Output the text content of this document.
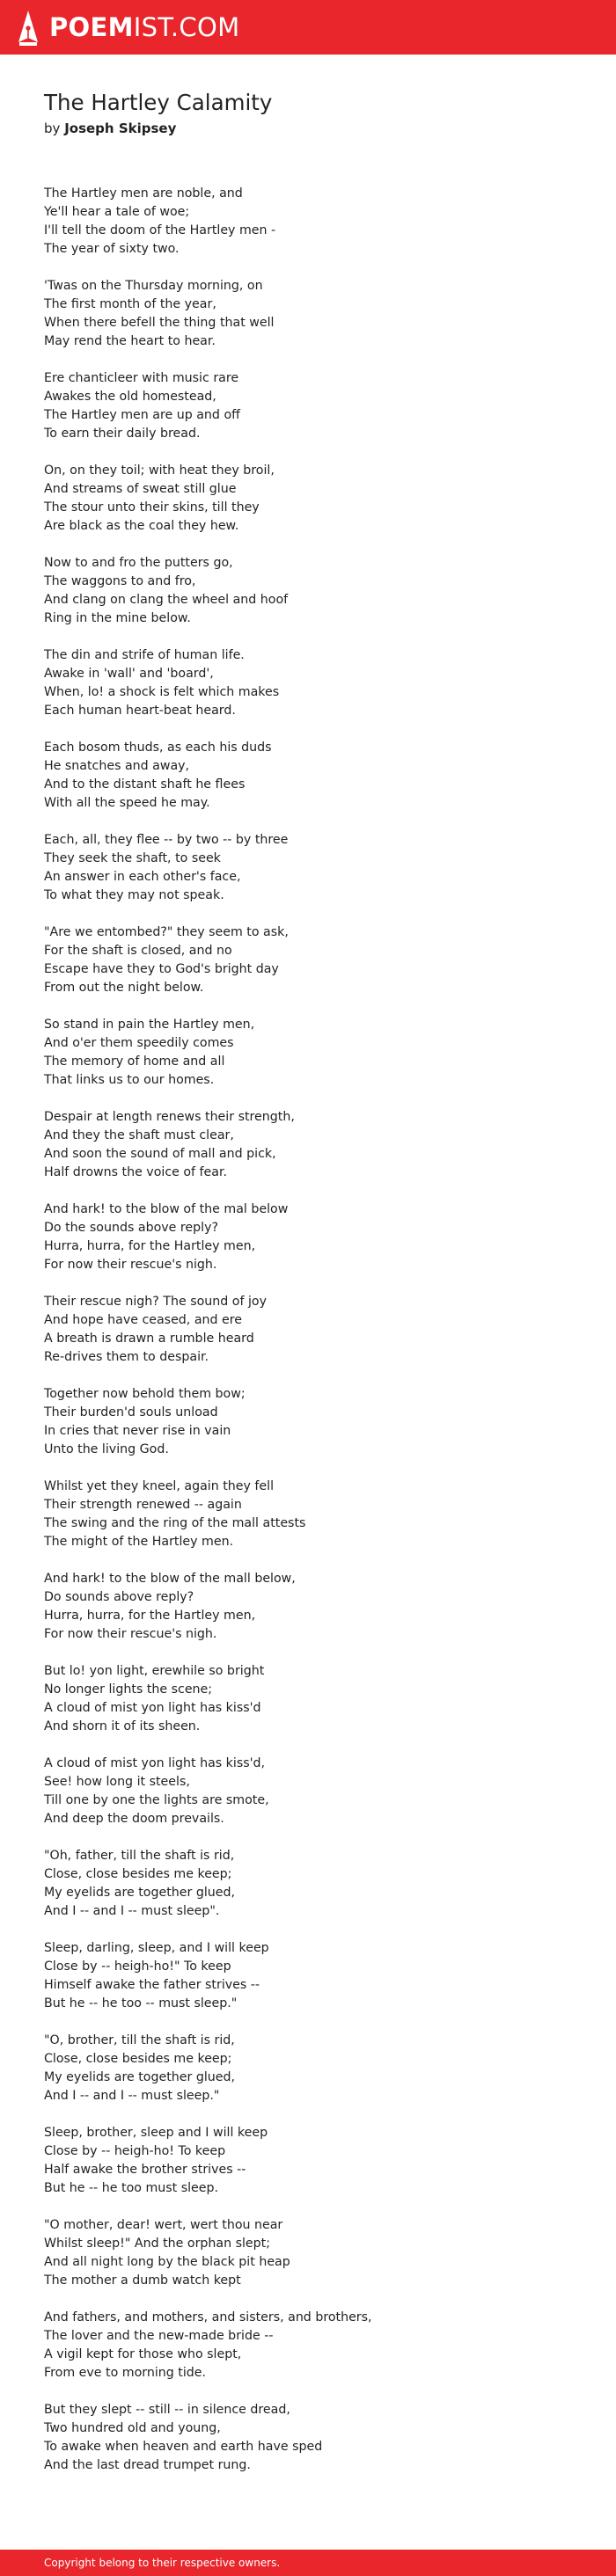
POEMIST.COM
The Hartley Calamity
by Joseph Skipsey
The Hartley men are noble, and
Ye'll hear a tale of woe;
I'll tell the doom of the Hartley men -
The year of sixty two.
'Twas on the Thursday morning, on
The first month of the year,
When there befell the thing that well
May rend the heart to hear.
Ere chanticleer with music rare
Awakes the old homestead,
The Hartley men are up and off
To earn their daily bread.
On, on they toil; with heat they broil,
And streams of sweat still glue
The stour unto their skins, till they
Are black as the coal they hew.
Now to and fro the putters go,
The waggons to and fro,
And clang on clang the wheel and hoof
Ring in the mine below.
The din and strife of human life.
Awake in 'wall' and 'board',
When, lo! a shock is felt which makes
Each human heart-beat heard.
Each bosom thuds, as each his duds
He snatches and away,
And to the distant shaft he flees
With all the speed he may.
Each, all, they flee -- by two -- by three
They seek the shaft, to seek
An answer in each other's face,
To what they may not speak.
"Are we entombed?" they seem to ask,
For the shaft is closed, and no
Escape have they to God's bright day
From out the night below.
So stand in pain the Hartley men,
And o'er them speedily comes
The memory of home and all
That links us to our homes.
Despair at length renews their strength,
And they the shaft must clear,
And soon the sound of mall and pick,
Half drowns the voice of fear.
And hark! to the blow of the mal below
Do the sounds above reply?
Hurra, hurra, for the Hartley men,
For now their rescue's nigh.
Their rescue nigh? The sound of joy
And hope have ceased, and ere
A breath is drawn a rumble heard
Re-drives them to despair.
Together now behold them bow;
Their burden'd souls unload
In cries that never rise in vain
Unto the living God.
Whilst yet they kneel, again they fell
Their strength renewed -- again
The swing and the ring of the mall attests
The might of the Hartley men.
And hark! to the blow of the mall below,
Do sounds above reply?
Hurra, hurra, for the Hartley men,
For now their rescue's nigh.
But lo! yon light, erewhile so bright
No longer lights the scene;
A cloud of mist yon light has kiss'd
And shorn it of its sheen.
A cloud of mist yon light has kiss'd,
See! how long it steels,
Till one by one the lights are smote,
And deep the doom prevails.
"Oh, father, till the shaft is rid,
Close, close besides me keep;
My eyelids are together glued,
And I -- and I -- must sleep".
Sleep, darling, sleep, and I will keep
Close by -- heigh-ho!" To keep
Himself awake the father strives --
But he -- he too -- must sleep."
"O, brother, till the shaft is rid,
Close, close besides me keep;
My eyelids are together glued,
And I -- and I -- must sleep."
Sleep, brother, sleep and I will keep
Close by -- heigh-ho! To keep
Half awake the brother strives --
But he -- he too must sleep.
"O mother, dear! wert, wert thou near
Whilst sleep!" And the orphan slept;
And all night long by the black pit heap
The mother a dumb watch kept
And fathers, and mothers, and sisters, and brothers,
The lover and the new-made bride --
A vigil kept for those who slept,
From eve to morning tide.
But they slept -- still -- in silence dread,
Two hundred old and young,
To awake when heaven and earth have sped
And the last dread trumpet rung.
Copyright belong to their respective owners.
